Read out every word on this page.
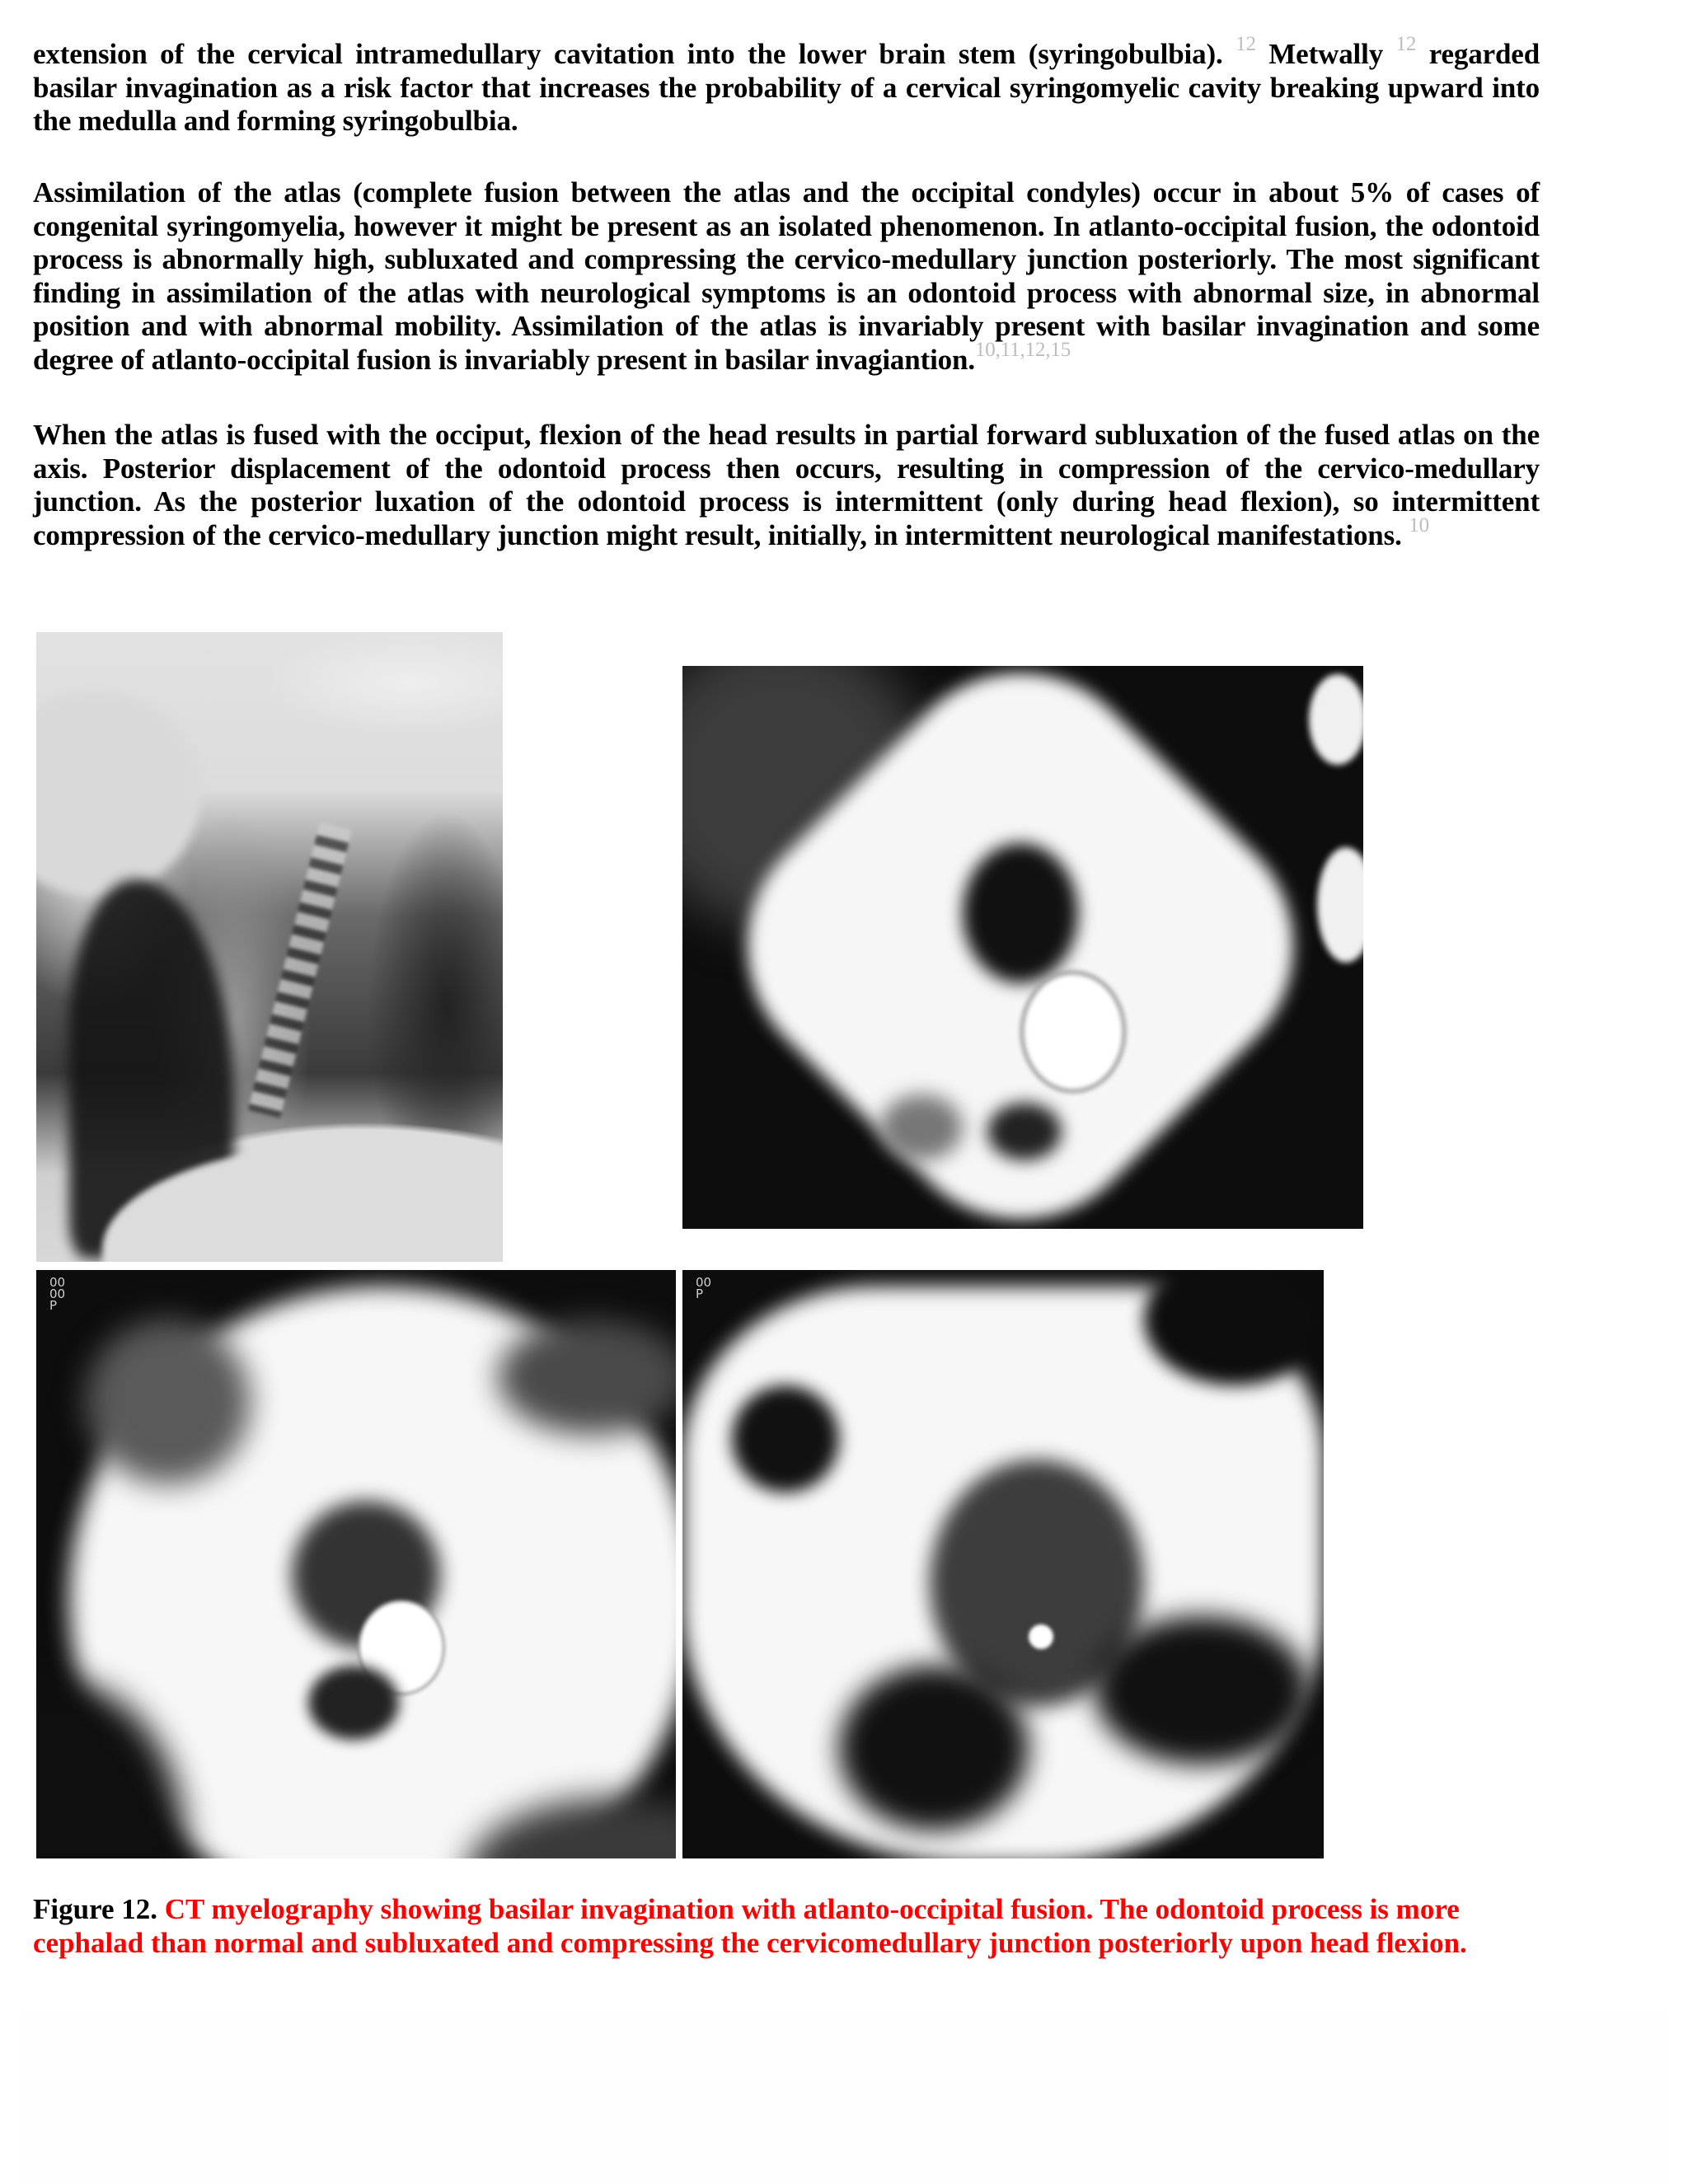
extension of the cervical intramedullary cavitation into the lower brain stem (syringobulbia). $^{12}$ Metwally $^{12}$ regarded basilar invagination as a risk factor that increases the probability of a cervical syringomyelic cavity breaking upward into the medulla and forming syringobulbia.
Assimilation of the atlas (complete fusion between the atlas and the occipital condyles) occur in about 5% of cases of congenital syringomyelia, however it might be present as an isolated phenomenon. In atlanto-occipital fusion, the odontoid process is abnormally high, subluxated and compressing the cervico-medullary junction posteriorly. The most significant finding in assimilation of the atlas with neurological symptoms is an odontoid process with abnormal size, in abnormal position and with abnormal mobility. Assimilation of the atlas is invariably present with basilar invagination and some degree of atlanto-occipital fusion is invariably present in basilar invagiantion.$^{10,11,12,15}$
When the atlas is fused with the occiput, flexion of the head results in partial forward subluxation of the fused atlas on the axis. Posterior displacement of the odontoid process then occurs, resulting in compression of the cervico-medullary junction. As the posterior luxation of the odontoid process is intermittent (only during head flexion), so intermittent compression of the cervico-medullary junction might result, initially, in intermittent neurological manifestations. $^{10}$
00
00
P
00
P
Figure 12. CT myelography showing basilar invagination with atlanto-occipital fusion. The odontoid process is more cephalad than normal and subluxated and compressing the cervicomedullary junction posteriorly upon head flexion.
